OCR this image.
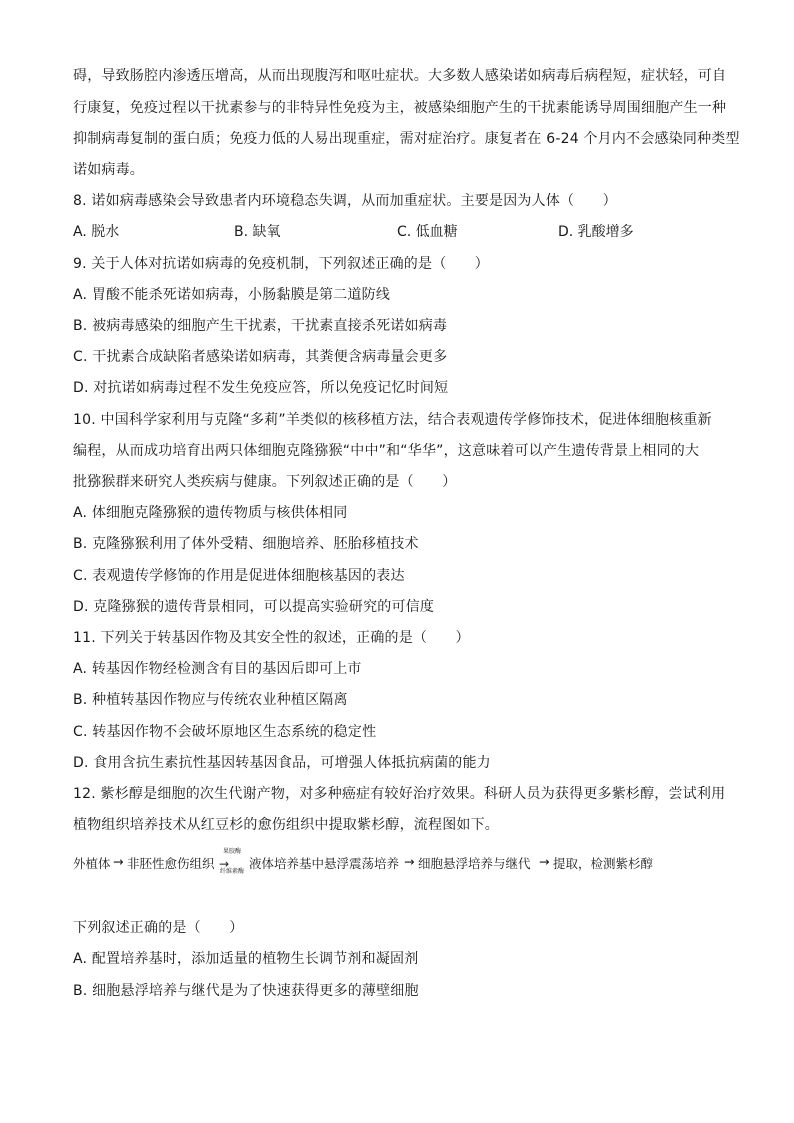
碍，导致肠腔内渗透压增高，从而出现腹泻和呕吐症状。大多数人感染诺如病毒后病程短，症状轻，可自
行康复，免疫过程以干扰素参与的非特异性免疫为主，被感染细胞产生的干扰素能诱导周围细胞产生一种
抑制病毒复制的蛋白质；免疫力低的人易出现重症，需对症治疗。康复者在 6-24 个月内不会感染同种类型
诺如病毒。
8. 诺如病毒感染会导致患者内环境稳态失调，从而加重症状。主要是因为人体（　　）
A. 脱水	B. 缺氧	C. 低血糖	D. 乳酸增多
9. 关于人体对抗诺如病毒的免疫机制，下列叙述正确的是（　　）
A. 胃酸不能杀死诺如病毒，小肠黏膜是第二道防线
B. 被病毒感染的细胞产生干扰素，干扰素直接杀死诺如病毒
C. 干扰素合成缺陷者感染诺如病毒，其粪便含病毒量会更多
D. 对抗诺如病毒过程不发生免疫应答，所以免疫记忆时间短
10. 中国科学家利用与克隆“多莉”羊类似的核移植方法，结合表观遗传学修饰技术，促进体细胞核重新
编程，从而成功培育出两只体细胞克隆猕猴“中中”和“华华”，这意味着可以产生遗传背景上相同的大
批猕猴群来研究人类疾病与健康。下列叙述正确的是（　　）
A. 体细胞克隆猕猴的遗传物质与核供体相同
B. 克隆猕猴利用了体外受精、细胞培养、胚胎移植技术
C. 表观遗传学修饰的作用是促进体细胞核基因的表达
D. 克隆猕猴的遗传背景相同，可以提高实验研究的可信度
11. 下列关于转基因作物及其安全性的叙述，正确的是（　　）
A. 转基因作物经检测含有目的基因后即可上市
B. 种植转基因作物应与传统农业种植区隔离
C. 转基因作物不会破坏原地区生态系统的稳定性
D. 食用含抗生素抗性基因转基因食品，可增强人体抵抗病菌的能力
12. 紫杉醇是细胞的次生代谢产物，对多种癌症有较好治疗效果。科研人员为获得更多紫杉醇，尝试利用
植物组织培养技术从红豆杉的愈伤组织中提取紫杉醇，流程图如下。
外植体 → 非胚性愈伤组织
果胶酶
→
纤维素酶
液体培养基中悬浮震荡培养 → 细胞悬浮培养与继代 → 提取，检测紫杉醇
下列叙述正确的是（　　）
A. 配置培养基时，添加适量的植物生长调节剂和凝固剂
B. 细胞悬浮培养与继代是为了快速获得更多的薄壁细胞
